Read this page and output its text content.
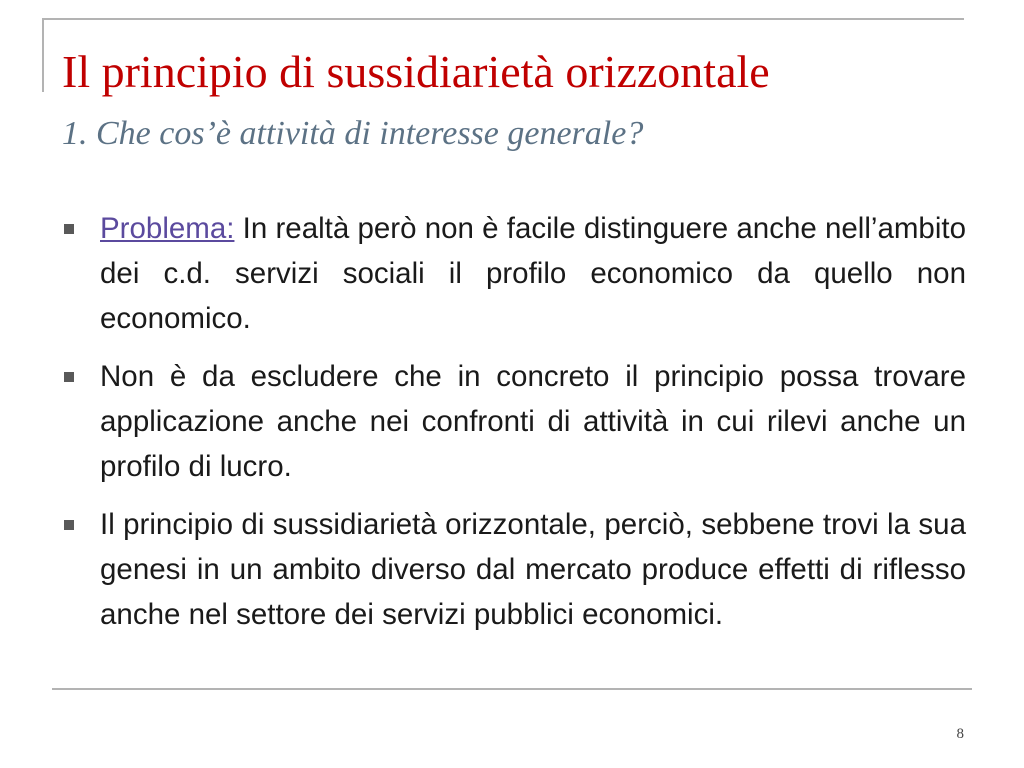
Il principio di sussidiarietà orizzontale
1. Che cos’è attività di interesse generale?
Problema: In realtà però non è facile distinguere anche nell’ambito dei c.d. servizi sociali il profilo economico da quello non economico.
Non è da escludere che in concreto il principio possa trovare applicazione anche nei confronti di attività in cui rilevi anche un profilo di lucro.
Il principio di sussidiarietà orizzontale, perciò, sebbene trovi la sua genesi in un ambito diverso dal mercato produce effetti di riflesso anche nel settore dei servizi pubblici economici.
8
